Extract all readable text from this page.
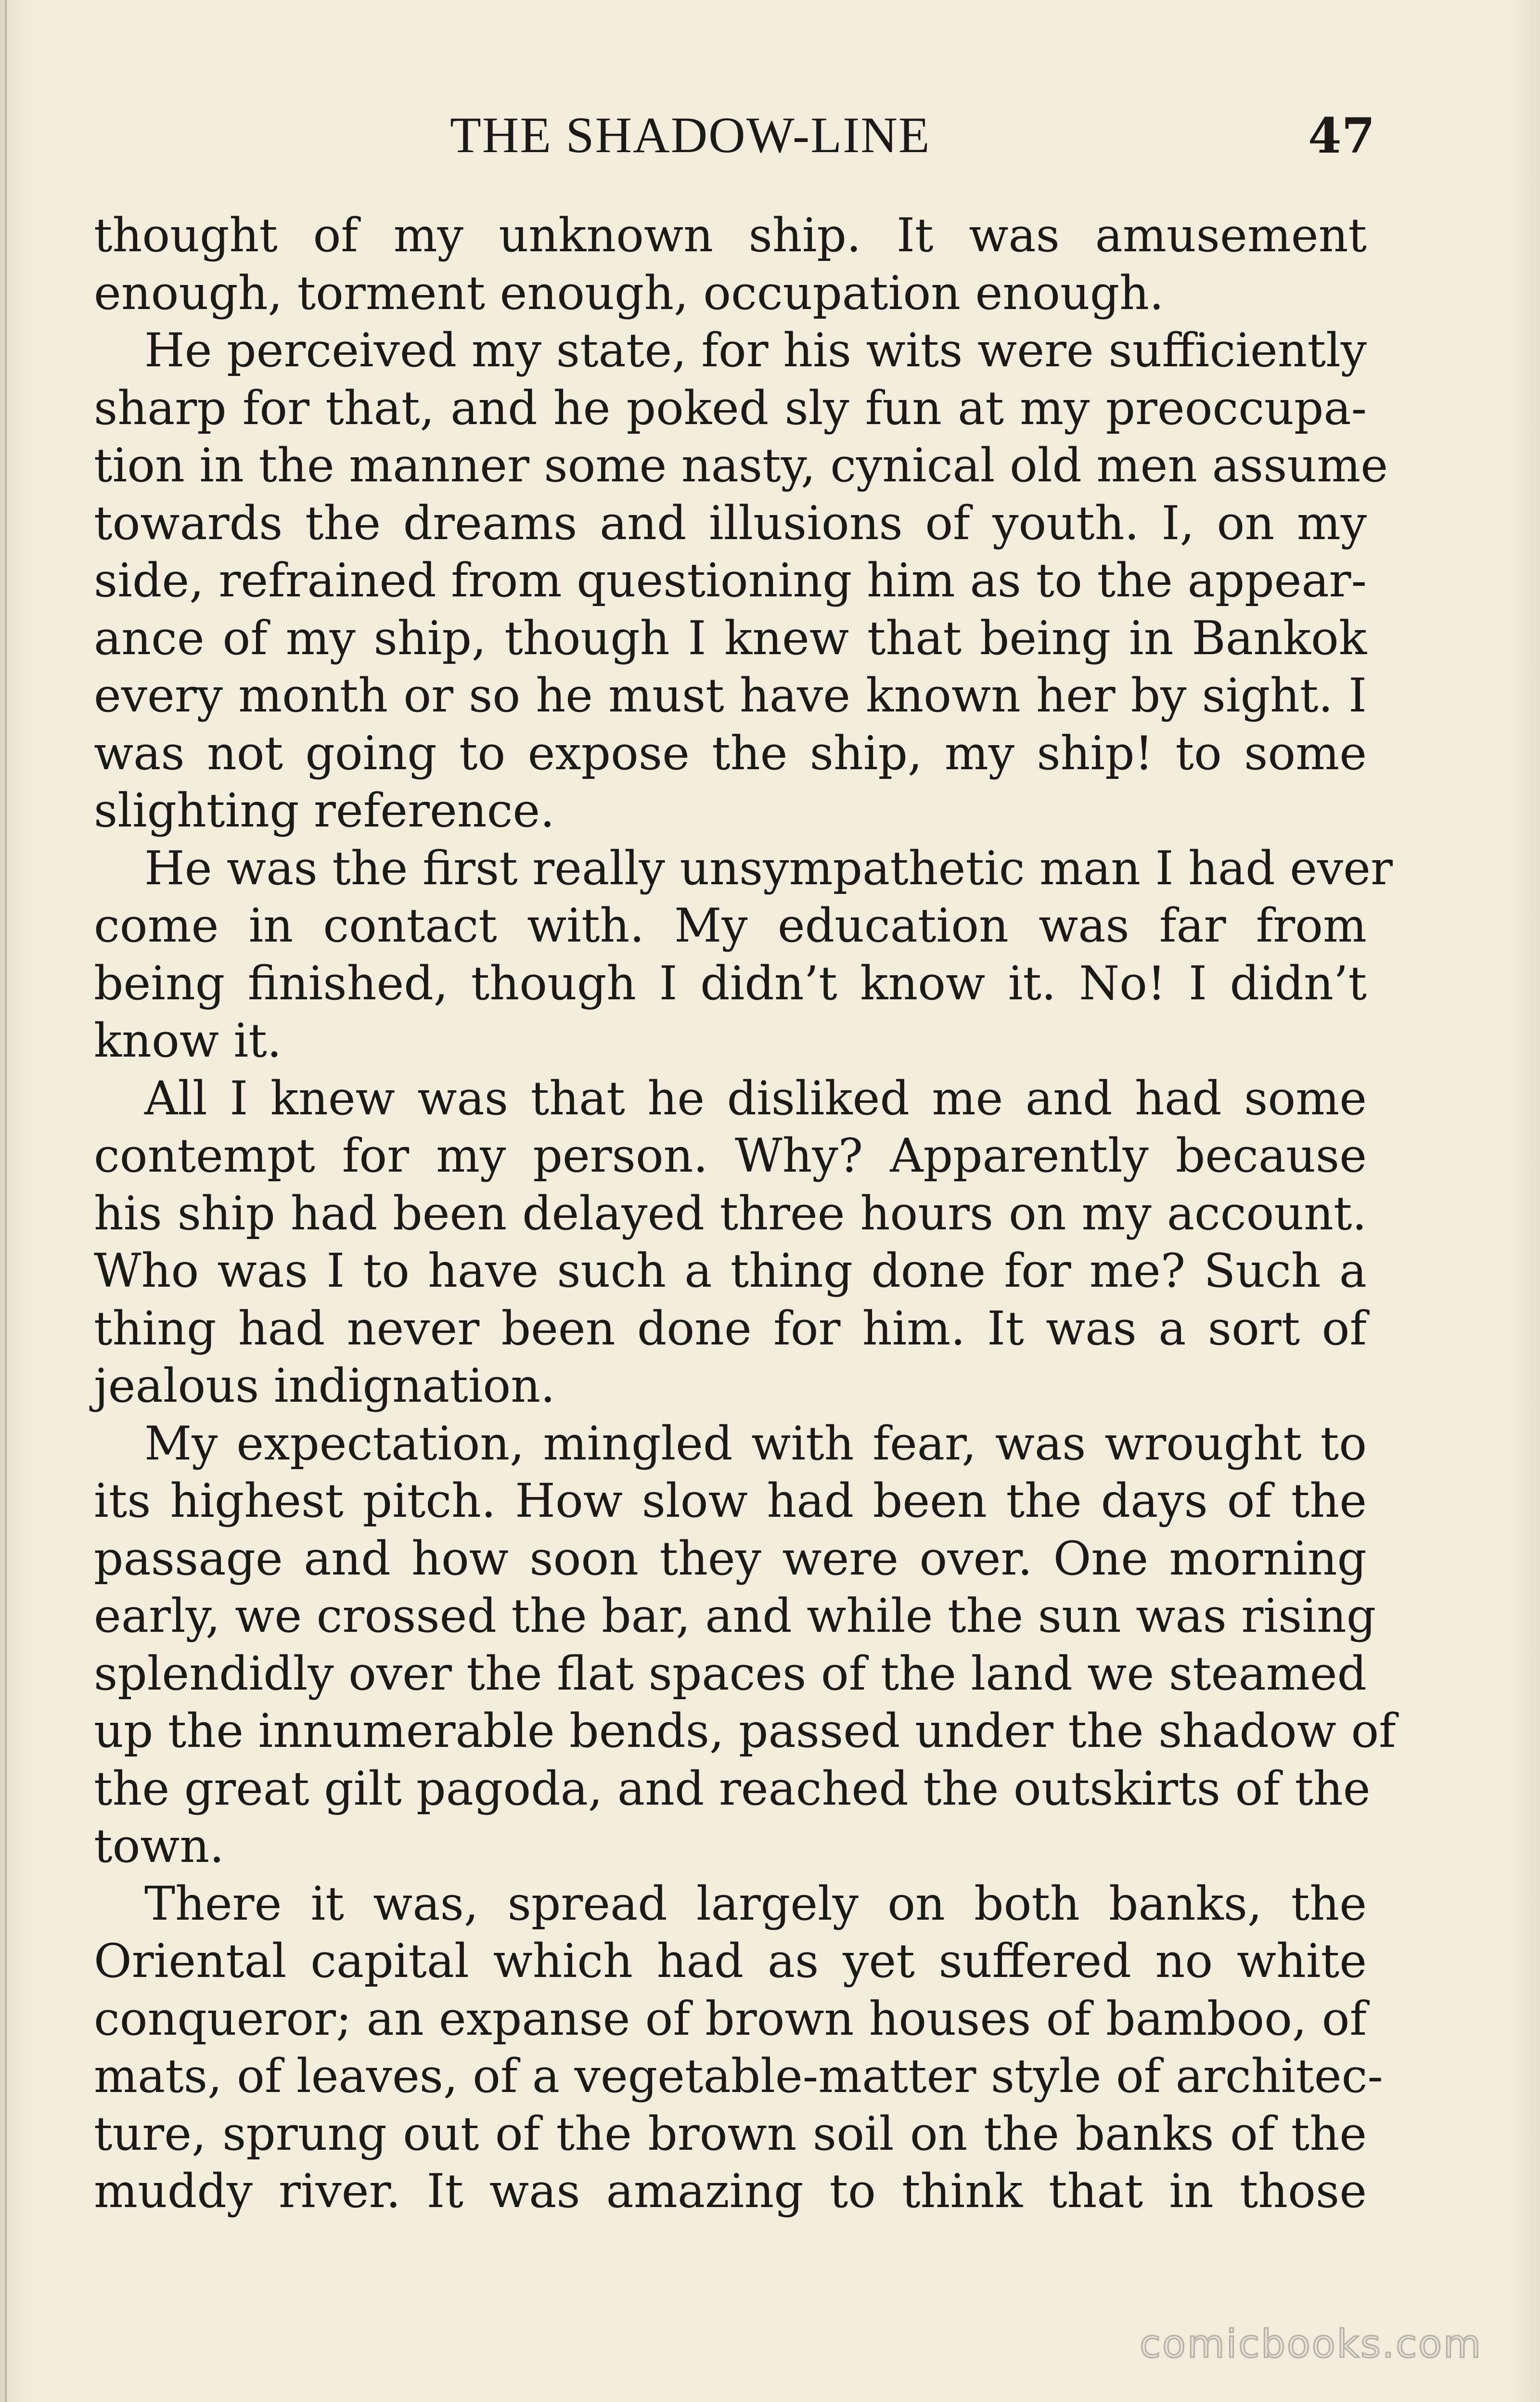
THE SHADOW-LINE	47
thought of my unknown ship. It was amusement
enough, torment enough, occupation enough.
He perceived my state, for his wits were sufficiently
sharp for that, and he poked sly fun at my preoccupa-
tion in the manner some nasty, cynical old men assume
towards the dreams and illusions of youth. I, on my
side, refrained from questioning him as to the appear-
ance of my ship, though I knew that being in Bankok
every month or so he must have known her by sight. I
was not going to expose the ship, my ship! to some
slighting reference.
He was the first really unsympathetic man I had ever
come in contact with. My education was far from
being finished, though I didn’t know it. No! I didn’t
know it.
All I knew was that he disliked me and had some
contempt for my person. Why? Apparently because
his ship had been delayed three hours on my account.
Who was I to have such a thing done for me? Such a
thing had never been done for him. It was a sort of
jealous indignation.
My expectation, mingled with fear, was wrought to
its highest pitch. How slow had been the days of the
passage and how soon they were over. One morning
early, we crossed the bar, and while the sun was rising
splendidly over the flat spaces of the land we steamed
up the innumerable bends, passed under the shadow of
the great gilt pagoda, and reached the outskirts of the
town.
There it was, spread largely on both banks, the
Oriental capital which had as yet suffered no white
conqueror; an expanse of brown houses of bamboo, of
mats, of leaves, of a vegetable-matter style of architec-
ture, sprung out of the brown soil on the banks of the
muddy river. It was amazing to think that in those
comicbooks.com
